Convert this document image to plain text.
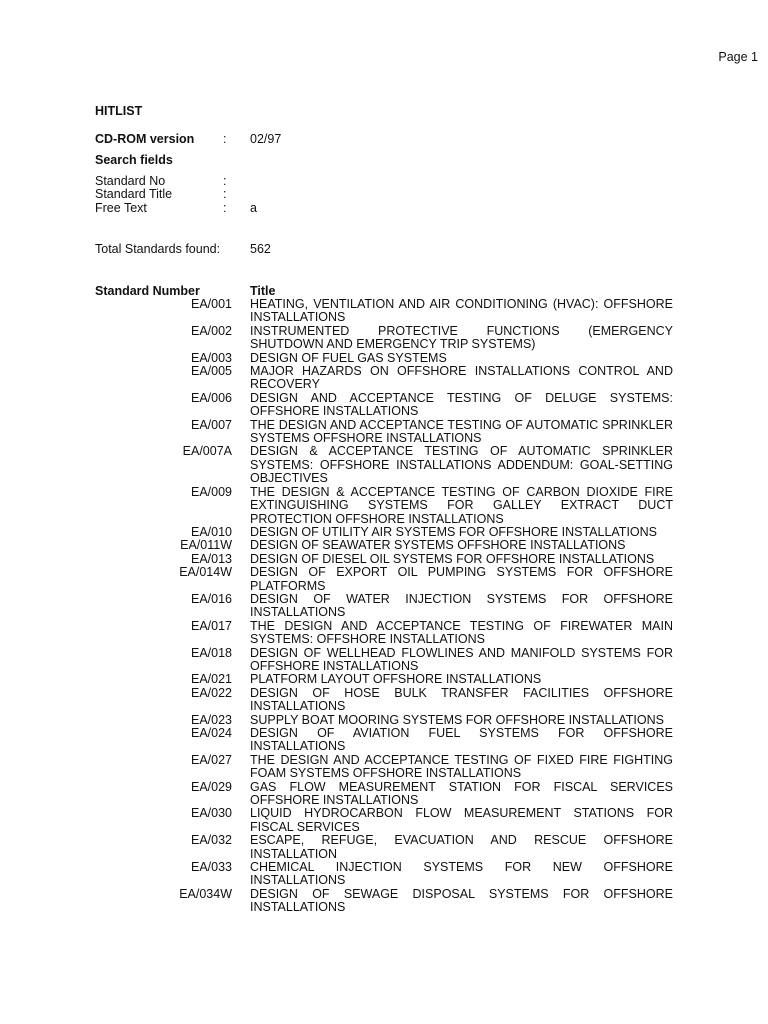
Page 1
HITLIST
CD-ROM version : 02/97
Search fields
Standard No	:
Standard Title	:
Free Text	: a
Total Standards found: 562
Standard Number	Title
EA/001 HEATING, VENTILATION AND AIR CONDITIONING (HVAC): OFFSHORE INSTALLATIONS
EA/002 INSTRUMENTED PROTECTIVE FUNCTIONS (EMERGENCY SHUTDOWN AND EMERGENCY TRIP SYSTEMS)
EA/003 DESIGN OF FUEL GAS SYSTEMS
EA/005 MAJOR HAZARDS ON OFFSHORE INSTALLATIONS CONTROL AND RECOVERY
EA/006 DESIGN AND ACCEPTANCE TESTING OF DELUGE SYSTEMS: OFFSHORE INSTALLATIONS
EA/007 THE DESIGN AND ACCEPTANCE TESTING OF AUTOMATIC SPRINKLER SYSTEMS OFFSHORE INSTALLATIONS
EA/007A DESIGN & ACCEPTANCE TESTING OF AUTOMATIC SPRINKLER SYSTEMS: OFFSHORE INSTALLATIONS ADDENDUM: GOAL-SETTING OBJECTIVES
EA/009 THE DESIGN & ACCEPTANCE TESTING OF CARBON DIOXIDE FIRE EXTINGUISHING SYSTEMS FOR GALLEY EXTRACT DUCT PROTECTION OFFSHORE INSTALLATIONS
EA/010 DESIGN OF UTILITY AIR SYSTEMS FOR OFFSHORE INSTALLATIONS
EA/011W DESIGN OF SEAWATER SYSTEMS OFFSHORE INSTALLATIONS
EA/013 DESIGN OF DIESEL OIL SYSTEMS FOR OFFSHORE INSTALLATIONS
EA/014W DESIGN OF EXPORT OIL PUMPING SYSTEMS FOR OFFSHORE PLATFORMS
EA/016 DESIGN OF WATER INJECTION SYSTEMS FOR OFFSHORE INSTALLATIONS
EA/017 THE DESIGN AND ACCEPTANCE TESTING OF FIREWATER MAIN SYSTEMS: OFFSHORE INSTALLATIONS
EA/018 DESIGN OF WELLHEAD FLOWLINES AND MANIFOLD SYSTEMS FOR OFFSHORE INSTALLATIONS
EA/021 PLATFORM LAYOUT OFFSHORE INSTALLATIONS
EA/022 DESIGN OF HOSE BULK TRANSFER FACILITIES OFFSHORE INSTALLATIONS
EA/023 SUPPLY BOAT MOORING SYSTEMS FOR OFFSHORE INSTALLATIONS
EA/024 DESIGN OF AVIATION FUEL SYSTEMS FOR OFFSHORE INSTALLATIONS
EA/027 THE DESIGN AND ACCEPTANCE TESTING OF FIXED FIRE FIGHTING FOAM SYSTEMS OFFSHORE INSTALLATIONS
EA/029 GAS FLOW MEASUREMENT STATION FOR FISCAL SERVICES OFFSHORE INSTALLATIONS
EA/030 LIQUID HYDROCARBON FLOW MEASUREMENT STATIONS FOR FISCAL SERVICES
EA/032 ESCAPE, REFUGE, EVACUATION AND RESCUE OFFSHORE INSTALLATION
EA/033 CHEMICAL INJECTION SYSTEMS FOR NEW OFFSHORE INSTALLATIONS
EA/034W DESIGN OF SEWAGE DISPOSAL SYSTEMS FOR OFFSHORE INSTALLATIONS
